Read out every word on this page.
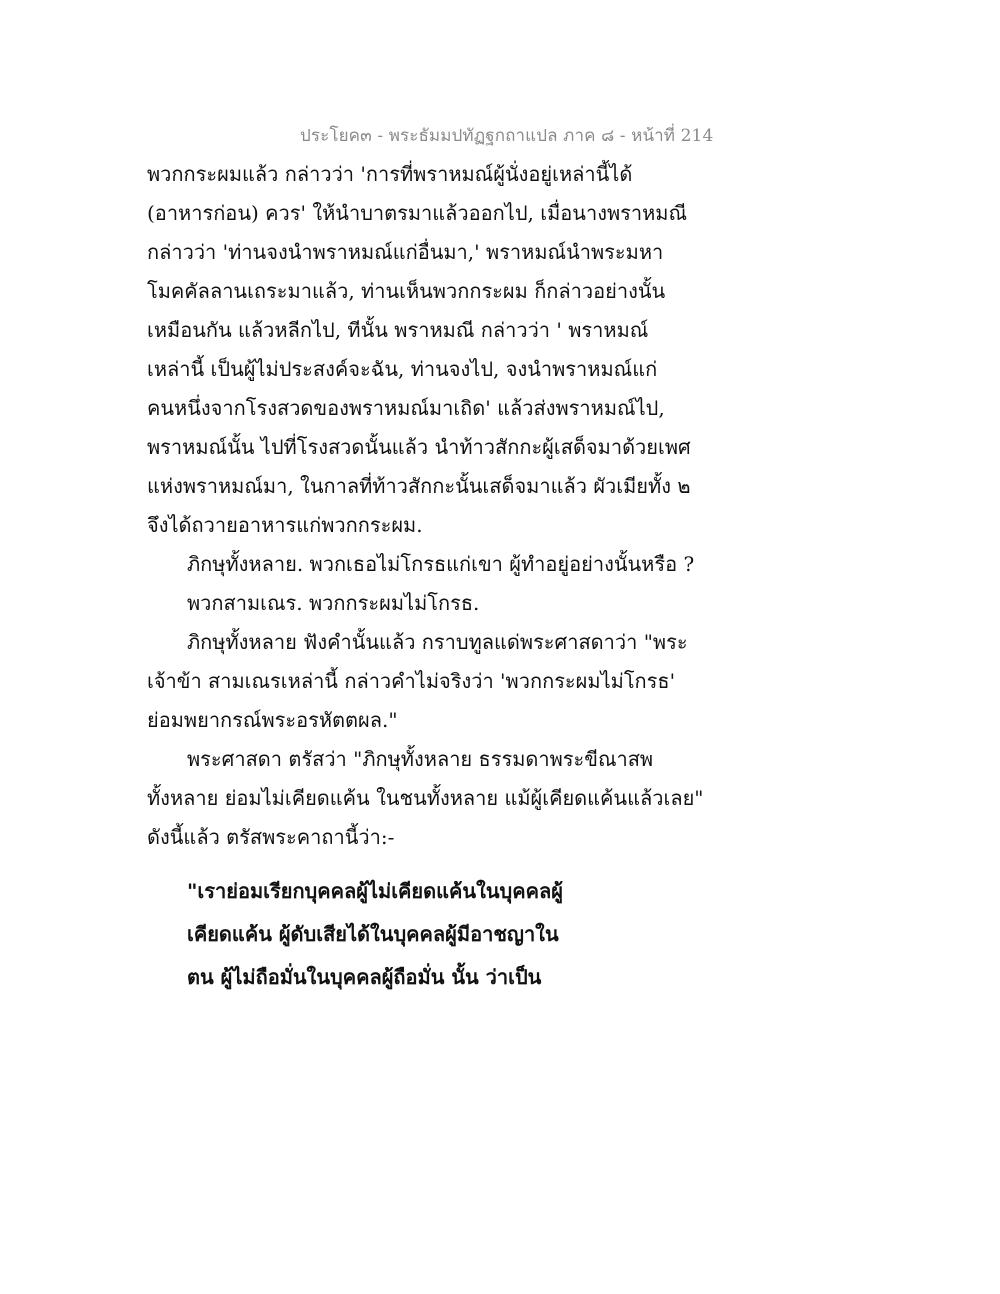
ประโยค๓ - พระธัมมปทัฏฐกถาแปล ภาค ๘ - หน้าที่ 214
พวกกระผมแล้ว กล่าวว่า 'การที่พราหมณ์ผู้นั่งอยู่เหล่านี้ได้
(อาหารก่อน) ควร' ให้นำบาตรมาแล้วออกไป, เมื่อนางพราหมณี
กล่าวว่า 'ท่านจงนำพราหมณ์แก่อื่นมา,' พราหมณ์นำพระมหา
โมคคัลลานเถระมาแล้ว, ท่านเห็นพวกกระผม ก็กล่าวอย่างนั้น
เหมือนกัน แล้วหลีกไป, ทีนั้น พราหมณี กล่าวว่า ' พราหมณ์
เหล่านี้ เป็นผู้ไม่ประสงค์จะฉัน, ท่านจงไป, จงนำพราหมณ์แก่
คนหนึ่งจากโรงสวดของพราหมณ์มาเถิด' แล้วส่งพราหมณ์ไป,
พราหมณ์นั้น ไปที่โรงสวดนั้นแล้ว นำท้าวสักกะผู้เสด็จมาด้วยเพศ
แห่งพราหมณ์มา, ในกาลที่ท้าวสักกะนั้นเสด็จมาแล้ว ผัวเมียทั้ง ๒
จึงได้ถวายอาหารแก่พวกกระผม.
ภิกษุทั้งหลาย. พวกเธอไม่โกรธแก่เขา ผู้ทำอยู่อย่างนั้นหรือ ?
พวกสามเณร. พวกกระผมไม่โกรธ.
ภิกษุทั้งหลาย ฟังคำนั้นแล้ว กราบทูลแด่พระศาสดาว่า "พระ
เจ้าข้า สามเณรเหล่านี้ กล่าวคำไม่จริงว่า 'พวกกระผมไม่โกรธ'
ย่อมพยากรณ์พระอรหัตตผล."
พระศาสดา ตรัสว่า "ภิกษุทั้งหลาย ธรรมดาพระขีณาสพ
ทั้งหลาย ย่อมไม่เคียดแค้น ในชนทั้งหลาย แม้ผู้เคียดแค้นแล้วเลย"
ดังนี้แล้ว ตรัสพระคาถานี้ว่า:-
"เราย่อมเรียกบุคคลผู้ไม่เคียดแค้นในบุคคลผู้
เคียดแค้น ผู้ดับเสียได้ในบุคคลผู้มีอาชญาใน
ตน ผู้ไม่ถือมั่นในบุคคลผู้ถือมั่น นั้น ว่าเป็น
